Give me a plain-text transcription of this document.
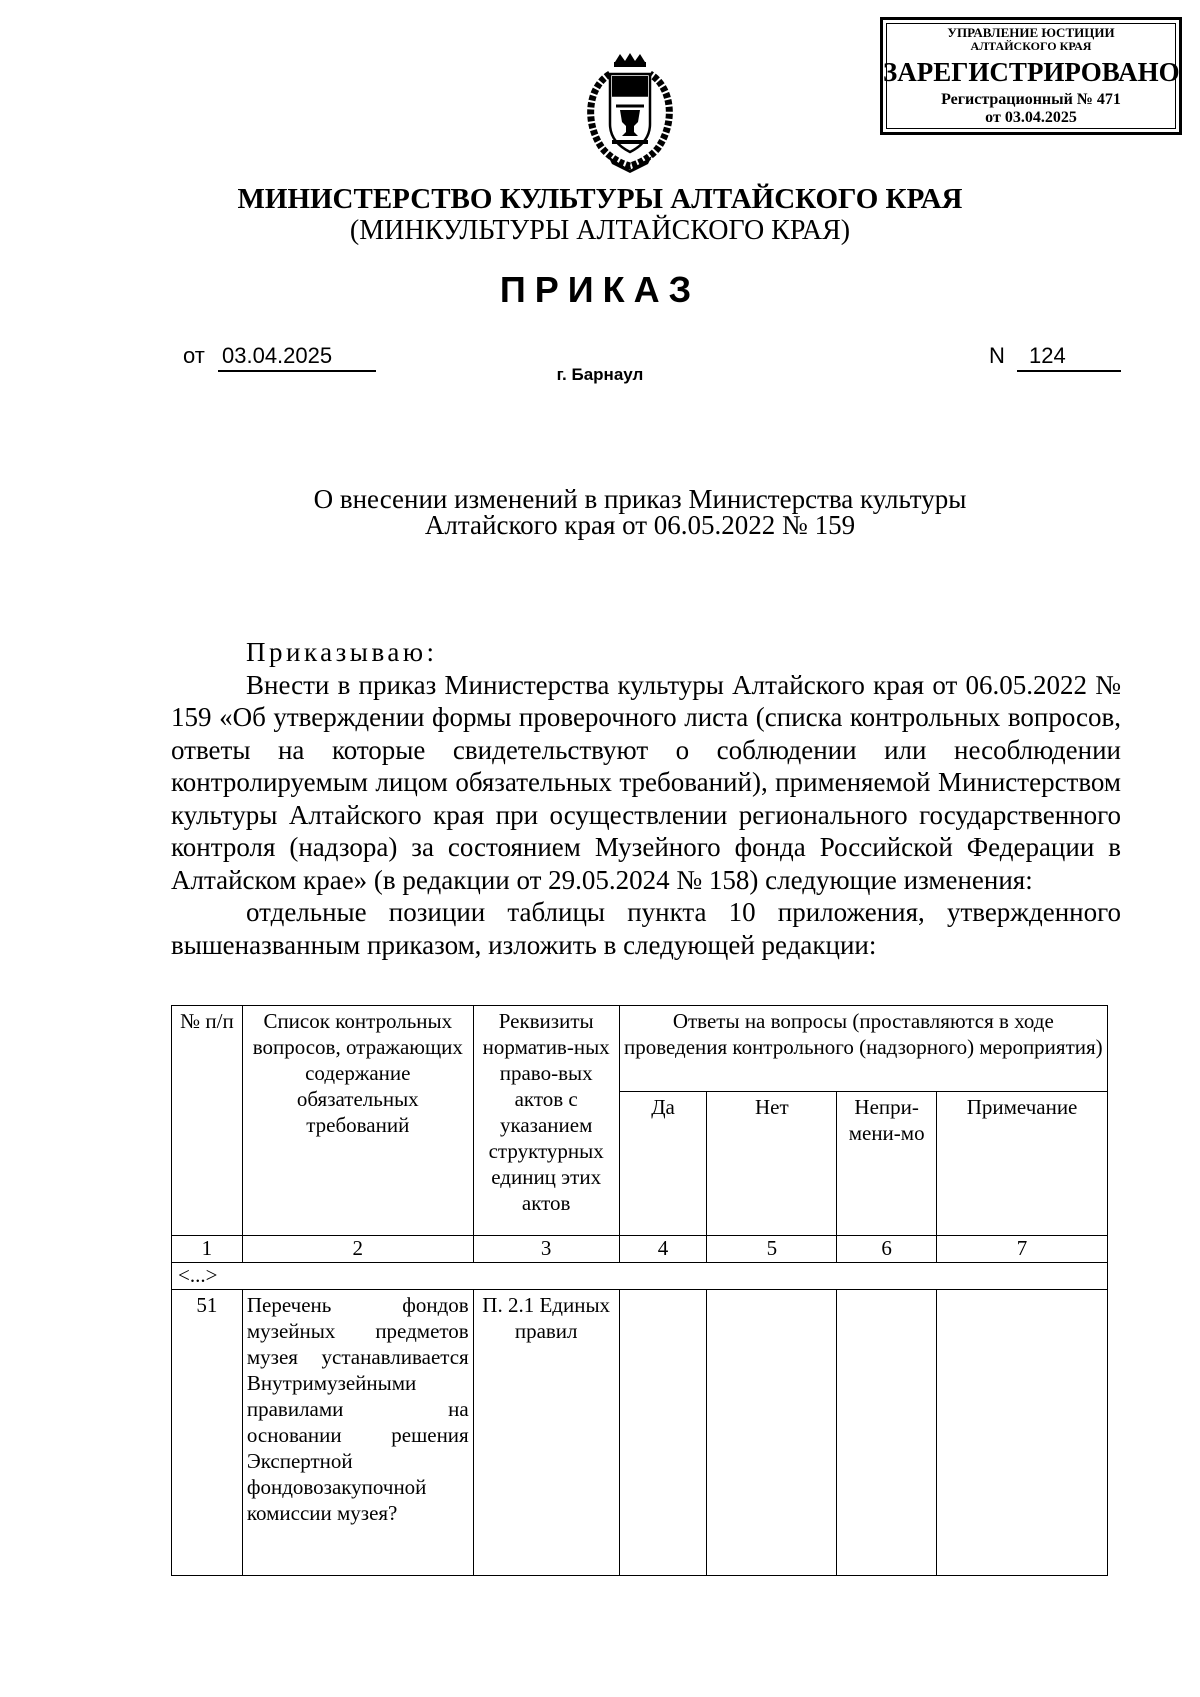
УПРАВЛЕНИЕ ЮСТИЦИИ
АЛТАЙСКОГО КРАЯ
ЗАРЕГИСТРИРОВАНО
Регистрационный № 471
от 03.04.2025
МИНИСТЕРСТВО КУЛЬТУРЫ АЛТАЙСКОГО КРАЯ
(МИНКУЛЬТУРЫ АЛТАЙСКОГО КРАЯ)
ПРИКАЗ
от 03.04.2025
г. Барнаул
N	124
О внесении изменений в приказ Министерства культуры
Алтайского края от 06.05.2022 № 159

Приказываю:

Внести в приказ Министерства культуры Алтайского края от 06.05.2022 № 159 «Об утверждении формы проверочного листа (списка контрольных вопросов, ответы на которые свидетельствуют о соблюдении или несоблюдении контролируемым лицом обязательных требований), применяемой Министерством культуры Алтайского края при осуществлении регионального государственного контроля (надзора) за состоянием Музейного фонда Российской Федерации в Алтайском крае» (в редакции от 29.05.2024 № 158) следующие изменения:

отдельные позиции таблицы пункта 10 приложения, утвержденного вышеназванным приказом, изложить в следующей редакции:

№ п/п	Список контрольных вопросов, отражающих содержание обязательных требований	Реквизиты норматив-ных право-вых актов с указанием структурных единиц этих актов	Ответы на вопросы (проставляются в ходе проведения контрольного (надзорного) мероприятия)			
			Да	Нет	Непри-мени-мо	Примечание
1	2	3	4	5	6	7
<...>						
51	Перечень фондов музейных предметов музея устанавливается Внутримузейными правилами на основании решения Экспертной фондовозакупочной комиссии музея?	П. 2.1 Единых правил				
